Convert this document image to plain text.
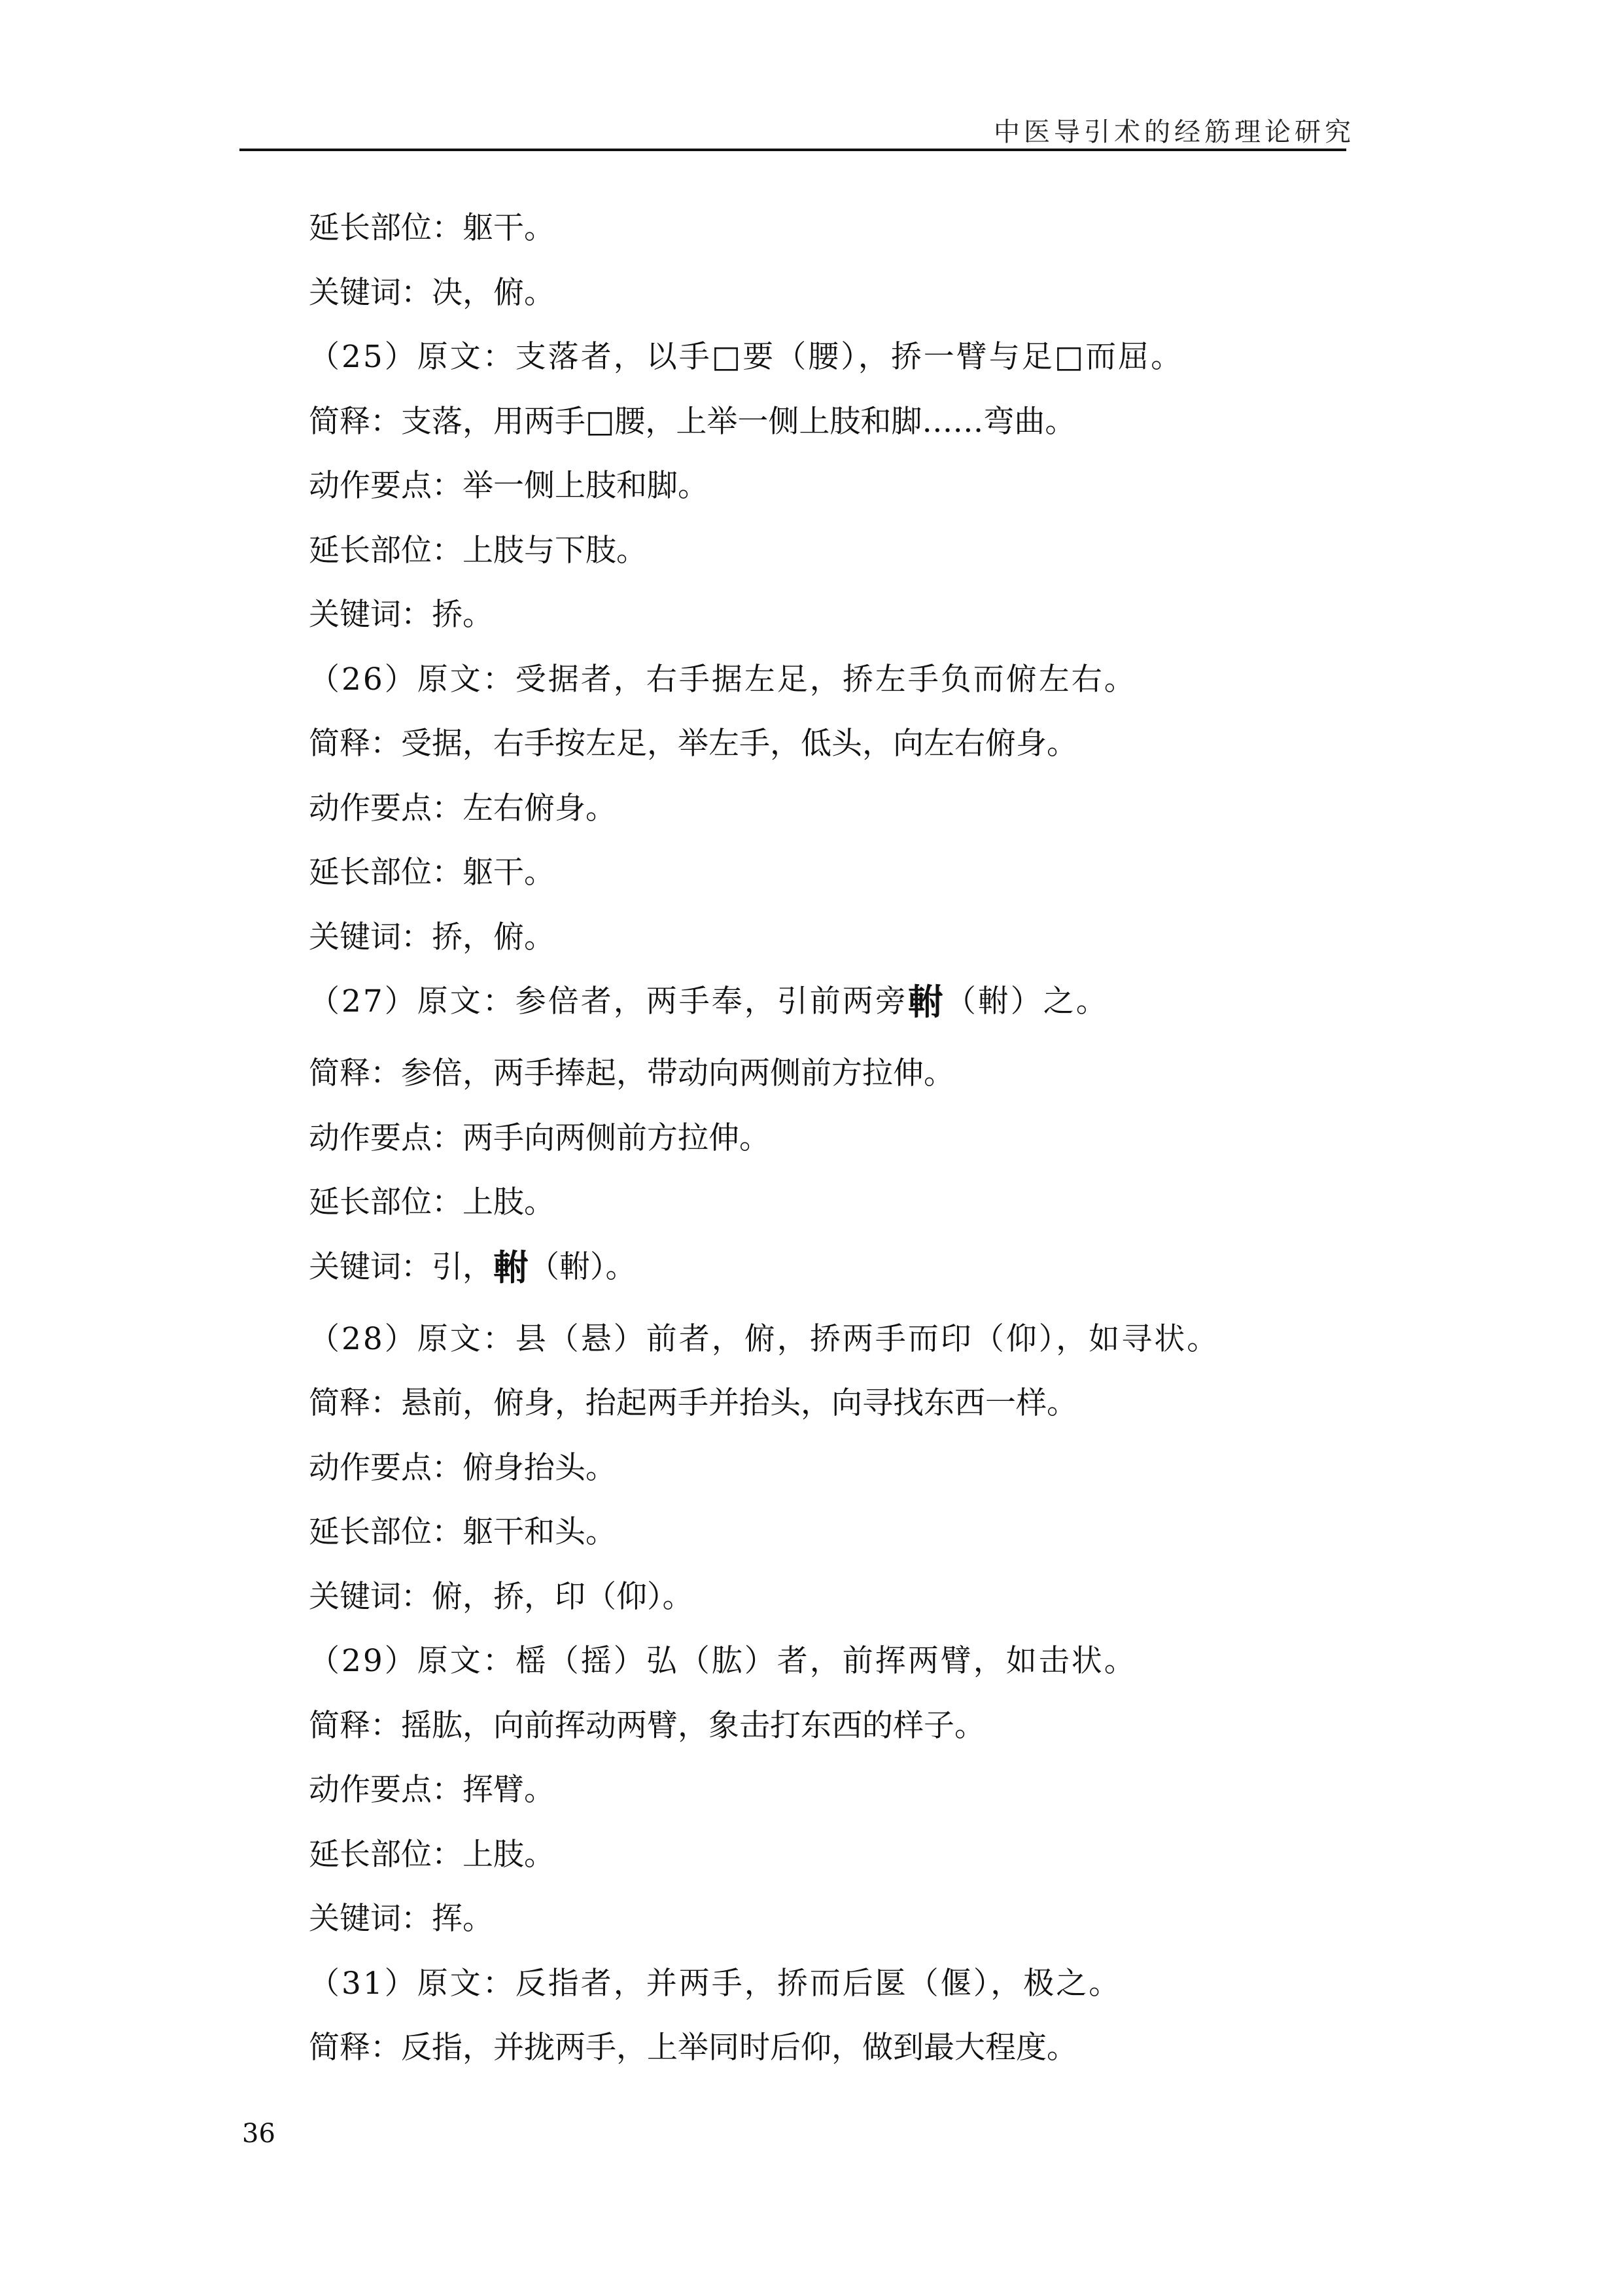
中医导引术的经筋理论研究
延长部位：躯干。
关键词：决，俯。
（25）原文：支落者，以手□要（腰），挢一臂与足□而屈。
简释：支落，用两手□腰，上举一侧上肢和脚……弯曲。
动作要点：举一侧上肢和脚。
延长部位：上肢与下肢。
关键词：挢。
（26）原文：受据者，右手据左足，挢左手负而俯左右。
简释：受据，右手按左足，举左手，低头，向左右俯身。
动作要点：左右俯身。
延长部位：躯干。
关键词：挢，俯。
（27）原文：参倍者，两手奉，引前两旁軵（軵）之。
简释：参倍，两手捧起，带动向两侧前方拉伸。
动作要点：两手向两侧前方拉伸。
延长部位：上肢。
关键词：引，軵（軵）。
（28）原文：县（悬）前者，俯，挢两手而印（仰），如寻状。
简释：悬前，俯身，抬起两手并抬头，向寻找东西一样。
动作要点：俯身抬头。
延长部位：躯干和头。
关键词：俯，挢，印（仰）。
（29）原文：榣（摇）弘（肱）者，前挥两臂，如击状。
简释：摇肱，向前挥动两臂，象击打东西的样子。
动作要点：挥臂。
延长部位：上肢。
关键词：挥。
（31）原文：反指者，并两手，挢而后匽（偃），极之。
简释：反指，并拢两手，上举同时后仰，做到最大程度。
36
